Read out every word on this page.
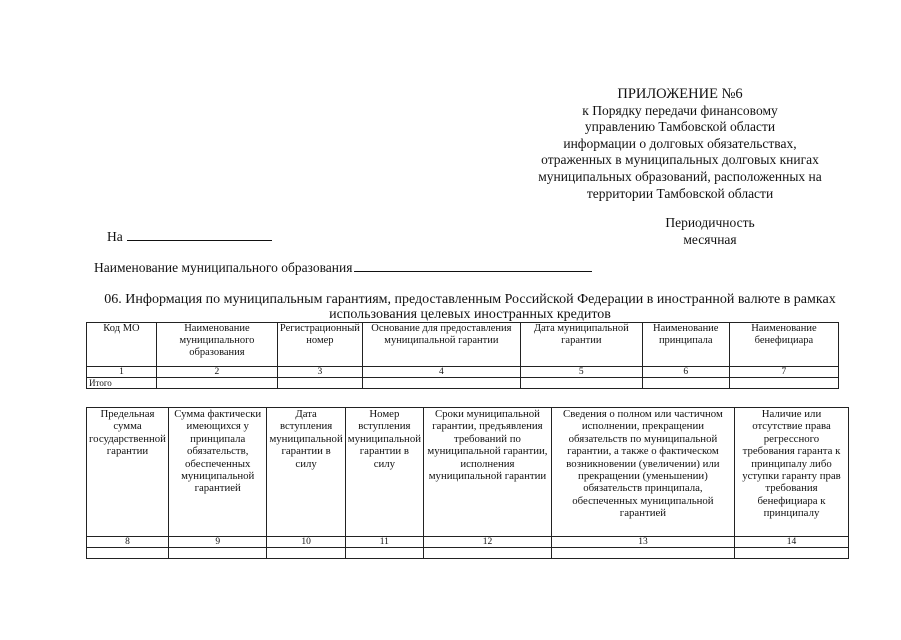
ПРИЛОЖЕНИЕ №6
к Порядку передачи финансовому
управлению Тамбовской области
информации о долговых обязательствах,
отраженных в муниципальных долговых книгах
муниципальных образований, расположенных на
территории Тамбовской области
Периодичность
месячная
На
Наименование муниципального образования
06. Информация по муниципальным гарантиям, предоставленным Российской Федерации в иностранной валюте в рамках использования целевых иностранных кредитов
Код МО	Наименование муниципального образования	Регистрационный номер	Основание для предоставления муниципальной гарантии	Дата муниципальной гарантии	Наименование принципала	Наименование бенефициара
1	2	3	4	5	6	7
Итого						
Предельная сумма государственной гарантии	Сумма фактически имеющихся у принципала обязательств, обеспеченных муниципальной гарантией	Дата вступления муниципальной гарантии в силу	Номер вступления муниципальной гарантии в силу	Сроки муниципальной гарантии, предъявления требований по муниципальной гарантии, исполнения муниципальной гарантии	Сведения о полном или частичном исполнении, прекращении обязательств по муниципальной гарантии, а также о фактическом возникновении (увеличении) или прекращении (уменьшении) обязательств принципала, обеспеченных муниципальной гарантией	Наличие или отсутствие права регрессного требования гаранта к принципалу либо уступки гаранту прав требования бенефициара к принципалу
8	9	10	11	12	13	14
